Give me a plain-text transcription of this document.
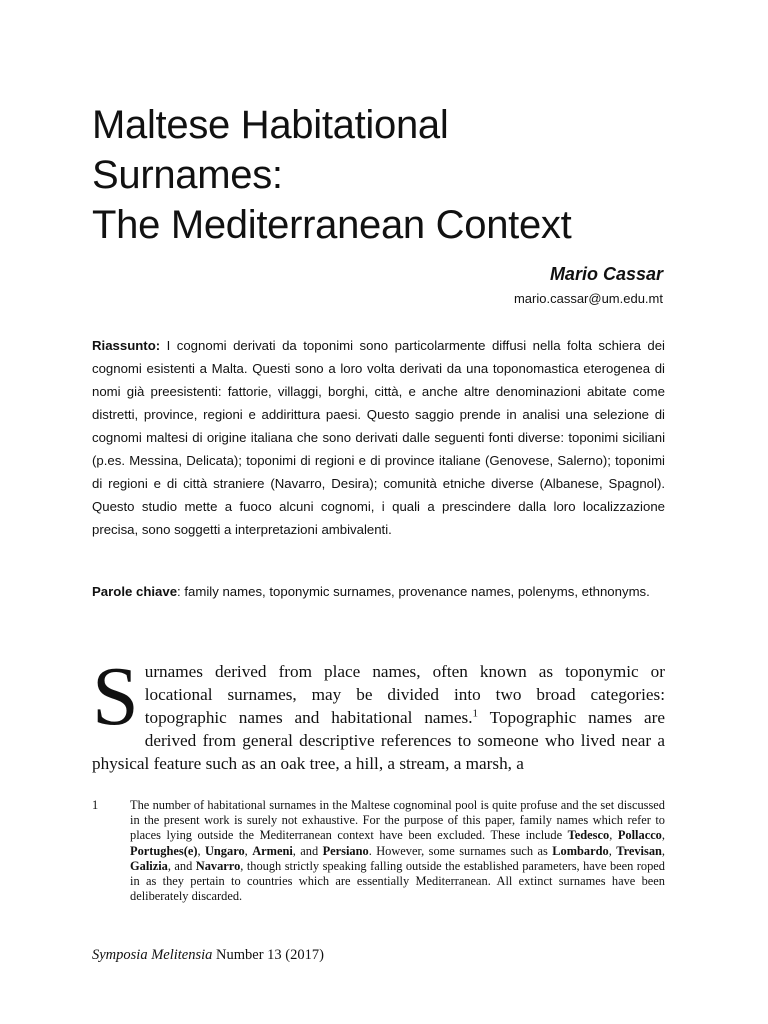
Maltese Habitational
Surnames:
The Mediterranean Context
Mario Cassar
mario.cassar@um.edu.mt
Riassunto: I cognomi derivati da toponimi sono particolarmente diffusi nella folta schiera dei cognomi esistenti a Malta. Questi sono a loro volta derivati da una toponomastica eterogenea di nomi già preesistenti: fattorie, villaggi, borghi, città, e anche altre denominazioni abitate come distretti, province, regioni e addirittura paesi. Questo saggio prende in analisi una selezione di cognomi maltesi di origine italiana che sono derivati dalle seguenti fonti diverse: toponimi siciliani (p.es. Messina, Delicata); toponimi di regioni e di province italiane (Genovese, Salerno); toponimi di regioni e di città straniere (Navarro, Desira); comunità etniche diverse (Albanese, Spagnol). Questo studio mette a fuoco alcuni cognomi, i quali a prescindere dalla loro localizzazione precisa, sono soggetti a interpretazioni ambivalenti.
Parole chiave: family names, toponymic surnames, provenance names, polenyms, ethnonyms.
Surnames derived from place names, often known as toponymic or locational surnames, may be divided into two broad categories: topographic names and habitational names.$^1$ Topographic names are derived from general descriptive references to someone who lived near a physical feature such as an oak tree, a hill, a stream, a marsh, a
1	The number of habitational surnames in the Maltese cognominal pool is quite profuse and the set discussed in the present work is surely not exhaustive. For the purpose of this paper, family names which refer to places lying outside the Mediterranean context have been excluded. These include Tedesco, Pollacco, Portughes(e), Ungaro, Armeni, and Persiano. However, some surnames such as Lombardo, Trevisan, Galizia, and Navarro, though strictly speaking falling outside the established parameters, have been roped in as they pertain to countries which are essentially Mediterranean. All extinct surnames have been deliberately discarded.
Symposia Melitensia Number 13 (2017)
